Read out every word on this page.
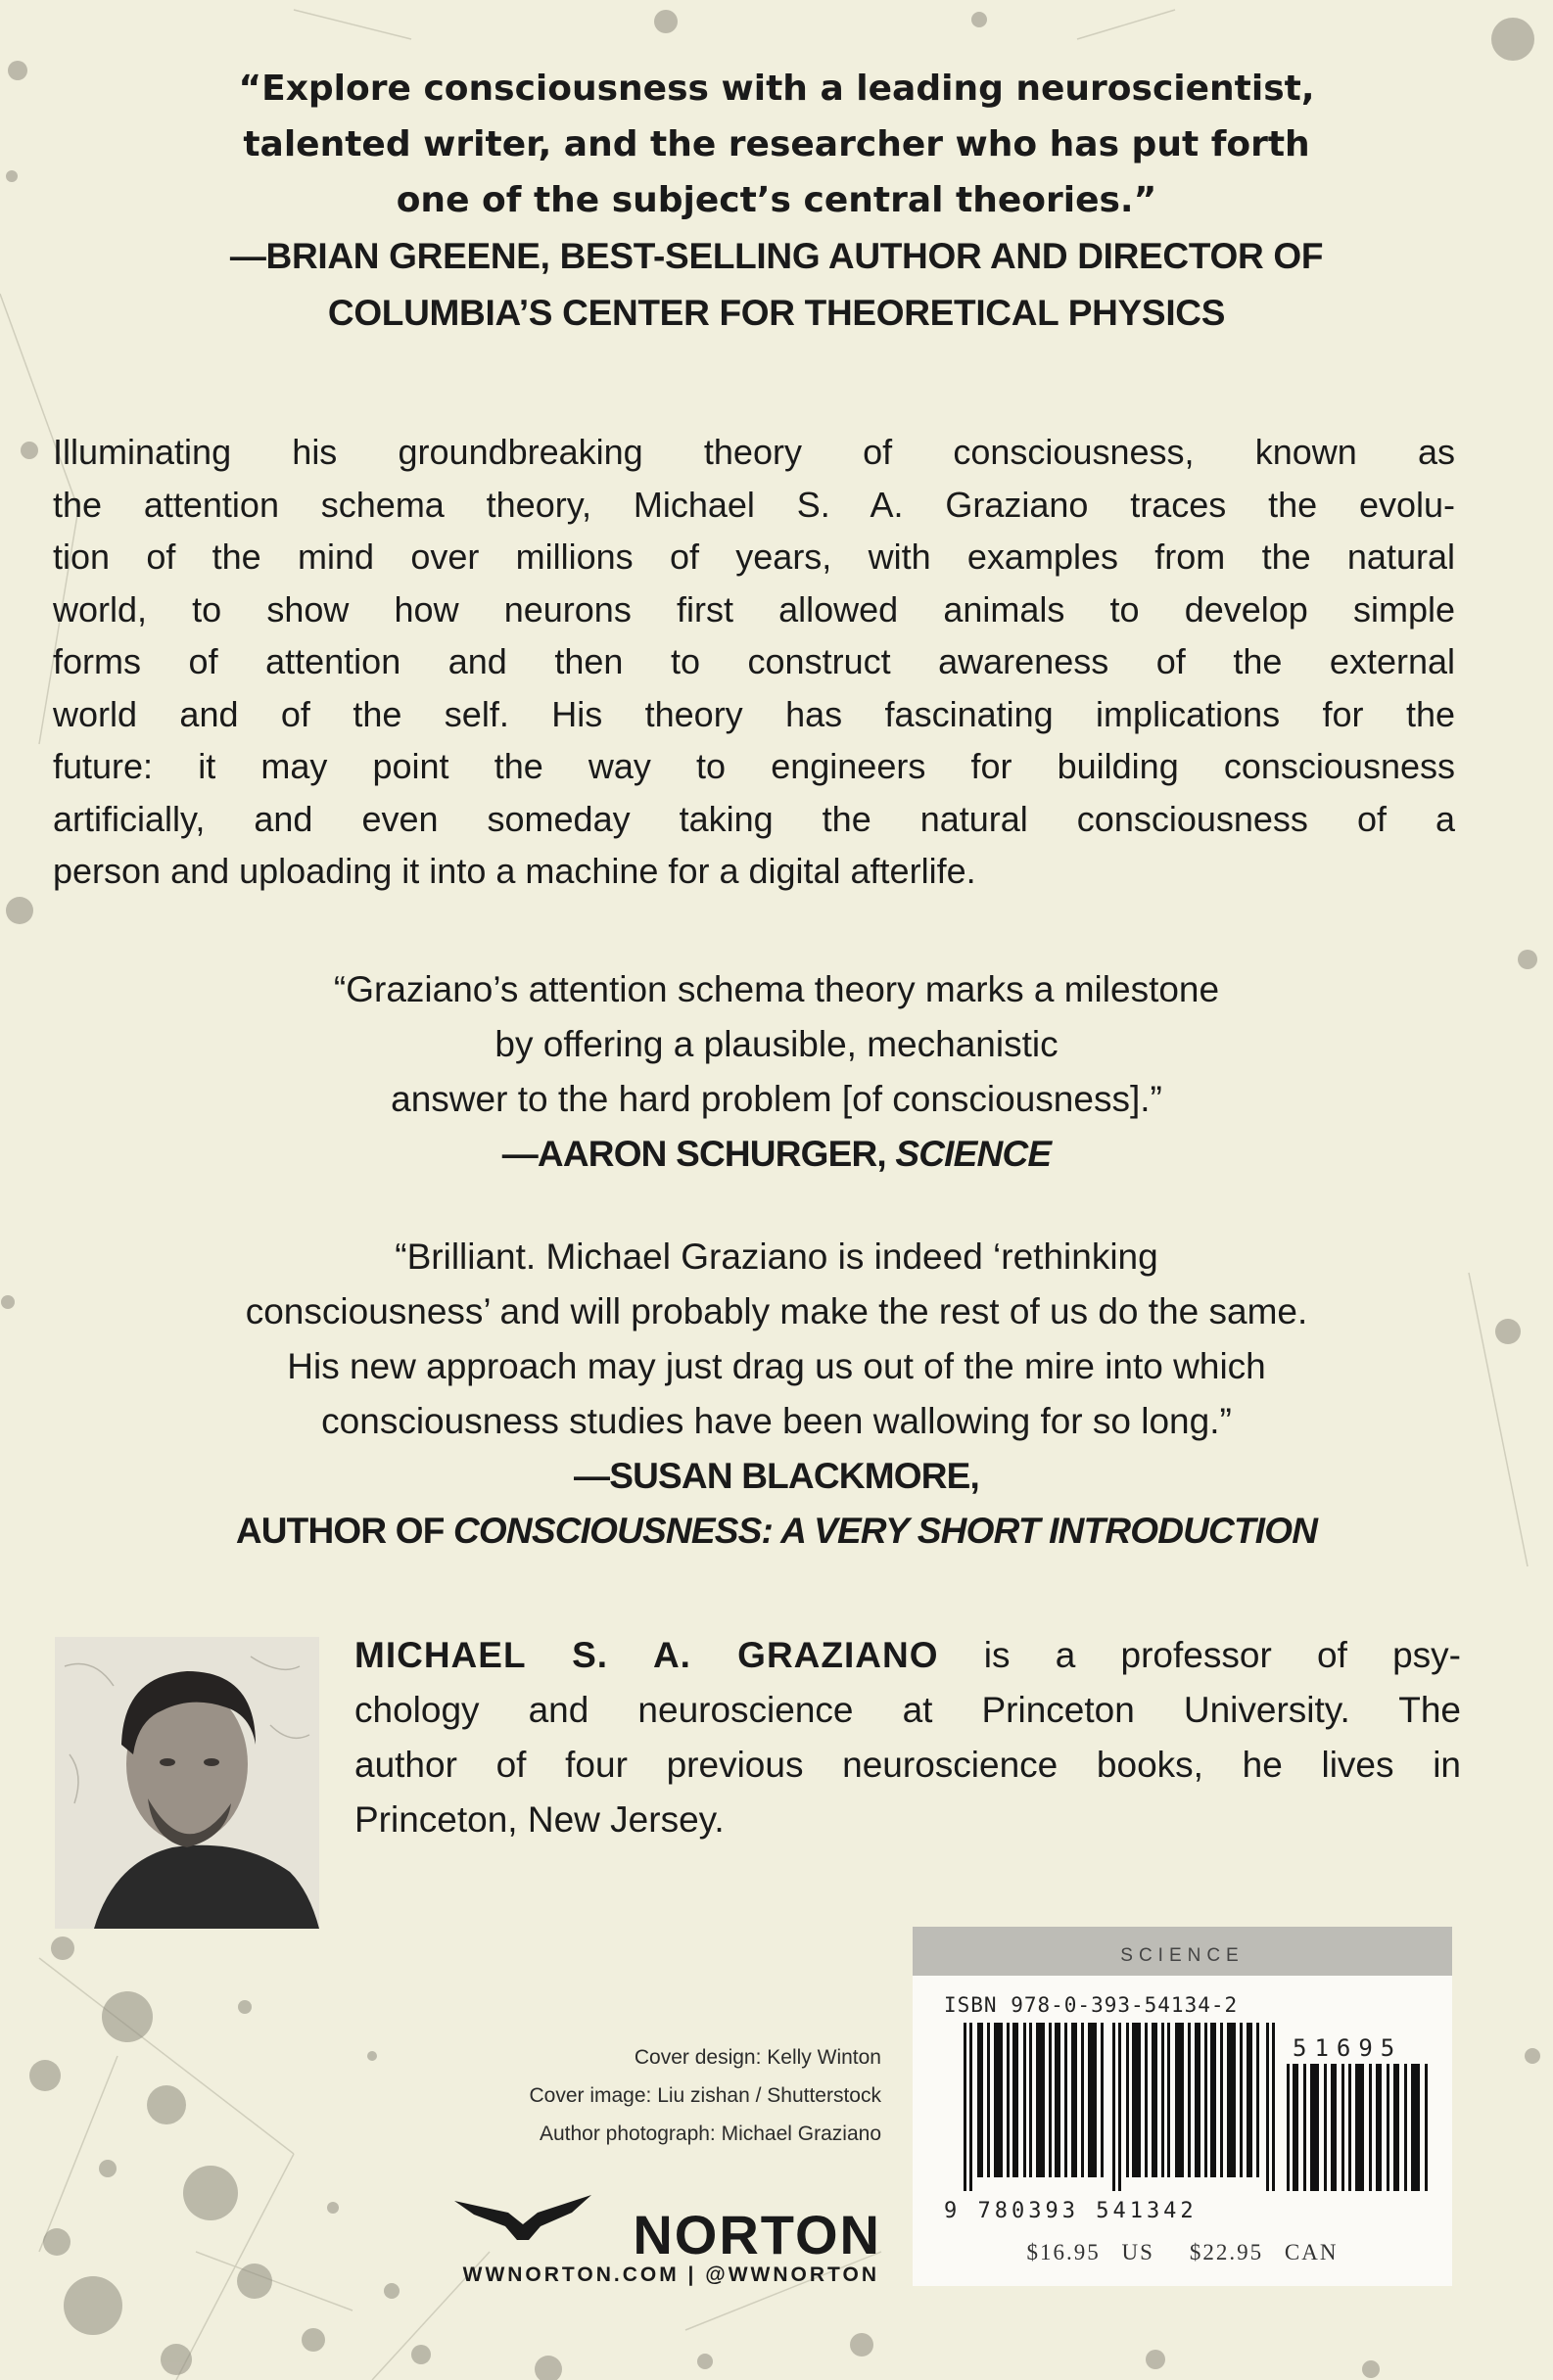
“Explore consciousness with a leading neuroscientist,

talented writer, and the researcher who has put forth

one of the subject’s central theories.”

—BRIAN GREENE, BEST-SELLING AUTHOR AND DIRECTOR OF

COLUMBIA’S CENTER FOR THEORETICAL PHYSICS

Illuminating his groundbreaking theory of consciousness, known as
the attention schema theory, Michael S. A. Graziano traces the evolu-
tion of the mind over millions of years, with examples from the natural
world, to show how neurons first allowed animals to develop simple
forms of attention and then to construct awareness of the external
world and of the self. His theory has fascinating implications for the
future: it may point the way to engineers for building consciousness
artificially, and even someday taking the natural consciousness of a
person and uploading it into a machine for a digital afterlife.

“Graziano’s attention schema theory marks a milestone

by offering a plausible, mechanistic

answer to the hard problem [of consciousness].”

—AARON SCHURGER, SCIENCE

“Brilliant. Michael Graziano is indeed ‘rethinking

consciousness’ and will probably make the rest of us do the same.

His new approach may just drag us out of the mire into which

consciousness studies have been wallowing for so long.”

—SUSAN BLACKMORE,

AUTHOR OF CONSCIOUSNESS: A VERY SHORT INTRODUCTION

MICHAEL S. A. GRAZIANO is a professor of psy-
chology and neuroscience at Princeton University. The
author of four previous neuroscience books, he lives in
Princeton, New Jersey.
Cover design: Kelly Winton
Cover image: Liu zishan / Shutterstock
Author photograph: Michael Graziano
NORTON
WWNORTON.COM | @WWNORTON
SCIENCE
ISBN 978-0-393-54134-2
51695
9 780393 541342
$16.95 US $22.95 CAN
